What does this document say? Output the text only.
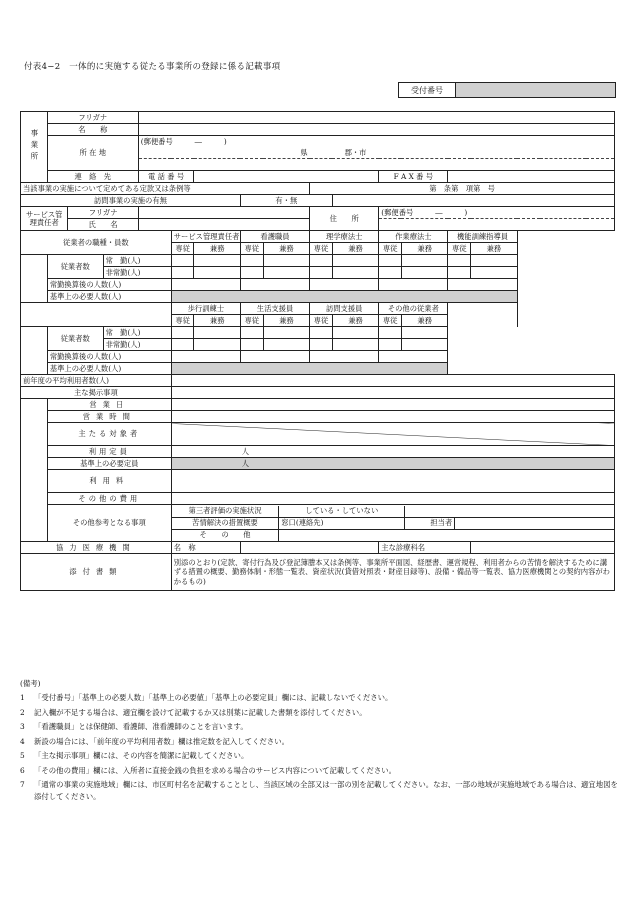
付表4−2　一体的に実施する従たる事業所の登録に係る記載事項
受付番号
事業所	フリガナ	
名　　称	
所 在 地	(郵便番号　　　―　　　)
	県	郡・市	

連　絡　先	電 話 番 号		F A X 番 号	
当該事業の実施について定めてある定款又は条例等	第　条第　項第　号
訪問事業の実施の有無	有・無	
サービス管理責任者	フリガナ		住　　所	(郵便番号　　　―　　　)
氏　　名		
従業者の職種・員数	サービス管理責任者	看護職員	理学療法士	作業療法士	機能訓練指導員	
専従	兼務	専従	兼務	専従	兼務	専従	兼務	専従	兼務
	従業者数	常　勤(人)										
	非常勤(人)										
	常勤換算後の人数(人)					
	基準上の必要人数(人)	
	歩行訓練士	生活支援員	訪問支援員	その他の従業者	
専従	兼務	専従	兼務	専従	兼務	専従	兼務
	従業者数	常　勤(人)								
	非常勤(人)								
	常勤換算後の人数(人)				
	基準上の必要人数(人)	
前年度の平均利用者数(人)	
主な掲示事項	
	営業日	
営業時間	
主たる対象者	
利用定員	人
基準上の必要定員	人
利用料	
その他の費用	
その他参考となる事項	
第三者評価の実施状況	している・していない	
苦情解決の措置概要	窓口(連絡先)	担当者	
そ　　の　　他	

協力医療機関	名　称		主な診療科名	
添付書類	別添のとおり(定款、寄付行為及び登記簿謄本又は条例等、事業所平面図、経歴書、運営規程、利用者からの苦情を解決するために講ずる措置の概要、勤務体制・形態一覧表、資産状況(貸借対照表・財産目録等)、設備・備品等一覧表、協力医療機関との契約内容がわかるもの)
(備考)
1	「受付番号」「基準上の必要人数」「基準上の必要値」「基準上の必要定員」欄には、記載しないでください。
2	記入欄が不足する場合は、適宜欄を設けて記載するか又は別葉に記載した書類を添付してください。
3	「看護職員」とは保健師、看護師、准看護師のことを言います。
4	新設の場合には、「前年度の平均利用者数」欄は推定数を記入してください。
5	「主な掲示事項」欄には、その内容を簡潔に記載してください。
6	「その他の費用」欄には、入所者に直接金銭の負担を求める場合のサービス内容について記載してください。
7	「通常の事業の実施地域」欄には、市区町村名を記載することとし、当該区域の全部又は一部の別を記載してください。なお、一部の地域が実施地域である場合は、適宜地図を添付してください。
